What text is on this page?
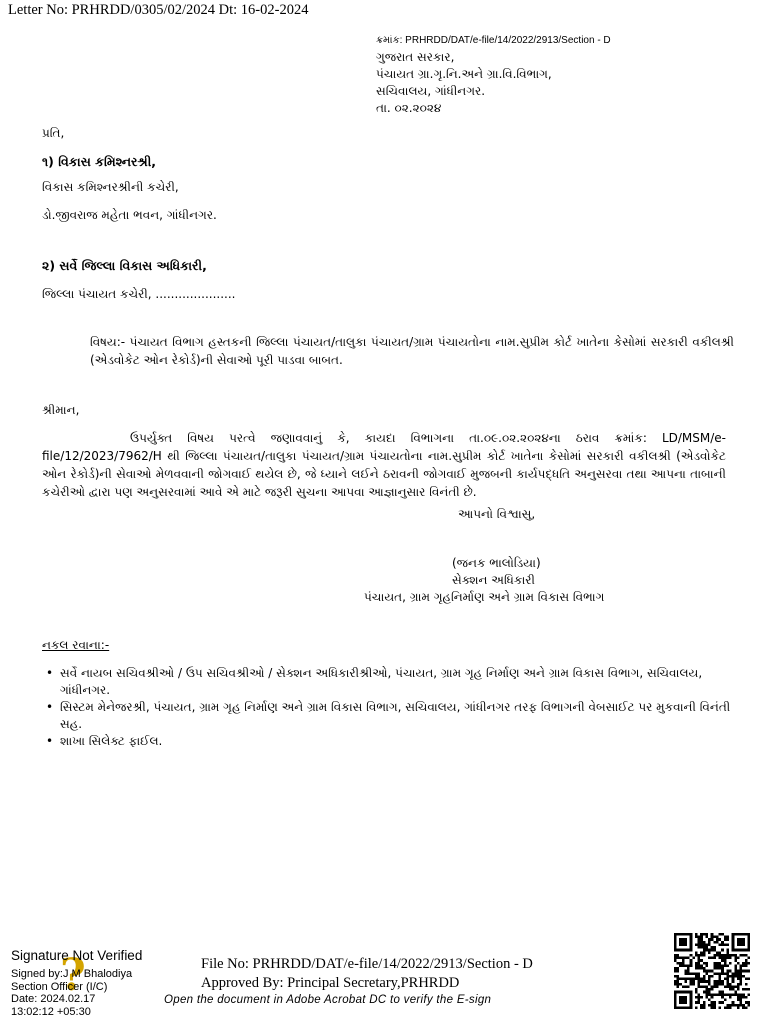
Letter No: PRHRDD/0305/02/2024 Dt: 16-02-2024
ક્રમાંક: PRHRDD/DAT/e-file/14/2022/2913/Section - D
ગુજરાત સરકાર,
પંચાયત ગ્રા.ગૃ.નિ.અને ગ્રા.વિ.વિભાગ,
સચિવાલય, ગાંધીનગર.
તા. ૦૨.૨૦૨૪
પ્રતિ,
૧) વિકાસ કમિશ્નરશ્રી,
વિકાસ કમિશ્નરશ્રીની કચેરી,
ડો.જીવરાજ મહેતા ભવન, ગાંધીનગર.
૨) સર્વે જિલ્લા વિકાસ અધિકારી,
જિલ્લા પંચાયત કચેરી, .....................
વિષય:- પંચાયત વિભાગ હસ્તકની જિલ્લા પંચાયત/તાલુકા પંચાયત/ગ્રામ પંચાયતોના નામ.સુપ્રીમ કોર્ટ ખાતેના કેસોમાં સરકારી વકીલશ્રી (એડવોકેટ ઓન રેકોર્ડ)ની સેવાઓ પૂરી પાડવા બાબત.
શ્રીમાન,
ઉપર્યુક્ત વિષય પરત્વે જણાવવાનું કે, કાયદા વિભાગના તા.૦૯.૦૨.૨૦૨૪ના ઠરાવ ક્રમાંક: LD/MSM/e-file/12/2023/7962/H થી જિલ્લા પંચાયત/તાલુકા પંચાયત/ગ્રામ પંચાયતોના નામ.સુપ્રીમ કોર્ટ ખાતેના કેસોમાં સરકારી વકીલશ્રી (એડવોકેટ ઓન રેકોર્ડ)ની સેવાઓ મેળવવાની જોગવાઈ થયેલ છે, જે ધ્યાને લઈને ઠરાવની જોગવાઈ મુજબની કાર્યપદ્ધતિ અનુસરવા તથા આપના તાબાની કચેરીઓ દ્વારા પણ અનુસરવામાં આવે એ માટે જરૂરી સુચના આપવા આજ્ઞાનુસાર વિનંતી છે.
આપનો વિશ્વાસુ,
(જનક ભાલોડિયા)
સેક્શન અધિકારી
પંચાયત, ગ્રામ ગૃહનિર્માણ અને ગ્રામ વિકાસ વિભાગ
નકલ રવાના:-
• સર્વે નાયબ સચિવશ્રીઓ / ઉપ સચિવશ્રીઓ / સેક્શન અધિકારીશ્રીઓ, પંચાયત, ગ્રામ ગૃહ નિર્માણ અને ગ્રામ વિકાસ વિભાગ, સચિવાલય, ગાંધીનગર.
• સિસ્ટમ મેનેજરશ્રી, પંચાયત, ગ્રામ ગૃહ નિર્માણ અને ગ્રામ વિકાસ વિભાગ, સચિવાલય, ગાંધીનગર તરફ વિભાગની વેબસાઈટ પર મુકવાની વિનંતી સહ.
• શાખા સિલેક્ટ ફાઈલ.
?
Signature Not Verified
Signed by:J M Bhalodiya
Section Officer (I/C)
Date: 2024.02.17
13:02:12 +05:30
File No: PRHRDD/DAT/e-file/14/2022/2913/Section - D
Approved By: Principal Secretary,PRHRDD
Open the document in Adobe Acrobat DC to verify the E-sign
